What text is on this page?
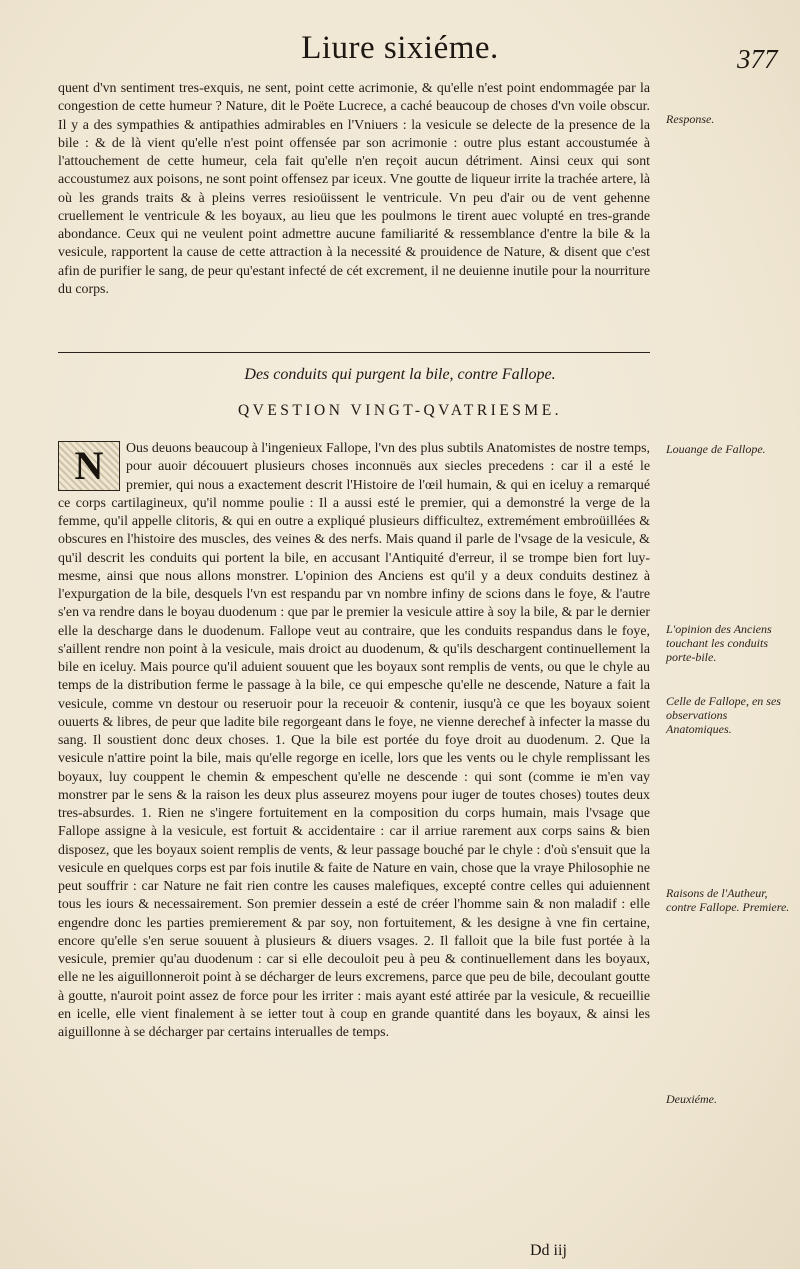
Liure sixiéme.	377

quent d'vn sentiment tres-exquis, ne sent, point cette acrimonie, & qu'elle n'est point endommagée par la congestion de cette humeur ? Nature, dit le Poëte Lucrece, a caché beaucoup de choses d'vn voile obscur. Il y a des sympathies & antipathies admirables en l'Vniuers : la vesicule se delecte de la presence de la bile : & de là vient qu'elle n'est point offensée par son acrimonie : outre plus estant accoustumée à l'attouchement de cette humeur, cela fait qu'elle n'en reçoit aucun détriment. Ainsi ceux qui sont accoustumez aux poisons, ne sont point offensez par iceux. Vne goutte de liqueur irrite la trachée artere, là où les grands traits & à pleins verres resioüissent le ventricule. Vn peu d'air ou de vent gehenne cruellement le ventricule & les boyaux, au lieu que les poulmons le tirent auec volupté en tres-grande abondance. Ceux qui ne veulent point admettre aucune familiarité & ressemblance d'entre la bile & la vesicule, rapportent la cause de cette attraction à la necessité & prouidence de Nature, & disent que c'est afin de purifier le sang, de peur qu'estant infecté de cét excrement, il ne deuienne inutile pour la nourriture du corps.

Des conduits qui purgent la bile, contre Fallope.
QVESTION VINGT-QVATRIESME.
N	Ous deuons beaucoup à l'ingenieux Fallope, l'vn des plus subtils Anatomistes de nostre temps, pour auoir découuert plusieurs choses inconnuës aux siecles precedens : car il a esté le premier, qui nous a exactement descrit l'Histoire de l'œil humain, & qui en iceluy a remarqué ce corps cartilagineux, qu'il nomme poulie : Il a aussi esté le premier, qui a demonstré la verge de la femme, qu'il appelle clitoris, & qui en outre a expliqué plusieurs difficultez, extremément embroüillées & obscures en l'histoire des muscles, des veines & des nerfs. Mais quand il parle de l'vsage de la vesicule, & qu'il descrit les conduits qui portent la bile, en accusant l'Antiquité d'erreur, il se trompe bien fort luy-mesme, ainsi que nous allons monstrer. L'opinion des Anciens est qu'il y a deux conduits destinez à l'expurgation de la bile, desquels l'vn est respandu par vn nombre infiny de scions dans le foye, & l'autre s'en va rendre dans le boyau duodenum : que par le premier la vesicule attire à soy la bile, & par le dernier elle la descharge dans le duodenum. Fallope veut au contraire, que les conduits respandus dans le foye, s'aillent rendre non point à la vesicule, mais droict au duodenum, & qu'ils deschargent continuellement la bile en iceluy. Mais pource qu'il aduient souuent que les boyaux sont remplis de vents, ou que le chyle au temps de la distribution ferme le passage à la bile, ce qui empesche qu'elle ne descende, Nature a fait la vesicule, comme vn destour ou reseruoir pour la receuoir & contenir, iusqu'à ce que les boyaux soient ouuerts & libres, de peur que ladite bile regorgeant dans le foye, ne vienne derechef à infecter la masse du sang. Il soustient donc deux choses. 1. Que la bile est portée du foye droit au duodenum. 2. Que la vesicule n'attire point la bile, mais qu'elle regorge en icelle, lors que les vents ou le chyle remplissant les boyaux, luy couppent le chemin & empeschent qu'elle ne descende : qui sont (comme ie m'en vay monstrer par le sens & la raison les deux plus asseurez moyens pour iuger de toutes choses) toutes deux tres-absurdes. 1. Rien ne s'ingere fortuitement en la composition du corps humain, mais l'vsage que Fallope assigne à la vesicule, est fortuit & accidentaire : car il arriue rarement aux corps sains & bien disposez, que les boyaux soient remplis de vents, & leur passage bouché par le chyle : d'où s'ensuit que la vesicule en quelques corps est par fois inutile & faite de Nature en vain, chose que la vraye Philosophie ne peut souffrir : car Nature ne fait rien contre les causes malefiques, excepté contre celles qui aduiennent tous les iours & necessairement. Son premier dessein a esté de créer l'homme sain & non maladif : elle engendre donc les parties premierement & par soy, non fortuitement, & les designe à vne fin certaine, encore qu'elle s'en serue souuent à plusieurs & diuers vsages. 2. Il falloit que la bile fust portée à la vesicule, premier qu'au duodenum : car si elle decouloit peu à peu & continuellement dans les boyaux, elle ne les aiguillonneroit point à se décharger de leurs excremens, parce que peu de bile, decoulant goutte à goutte, n'auroit point assez de force pour les irriter : mais ayant esté attirée par la vesicule, & recueillie en icelle, elle vient finalement à se ietter tout à coup en grande quantité dans les boyaux, & ainsi les aiguillonne à se décharger par certains interualles de temps.

Response.
Louange de Fallope.
L'opinion des Anciens touchant les conduits porte-bile.
Celle de Fallope, en ses observations Anatomiques.
Raisons de l'Autheur, contre Fallope. Premiere.
Deuxiéme.
Dd iij
